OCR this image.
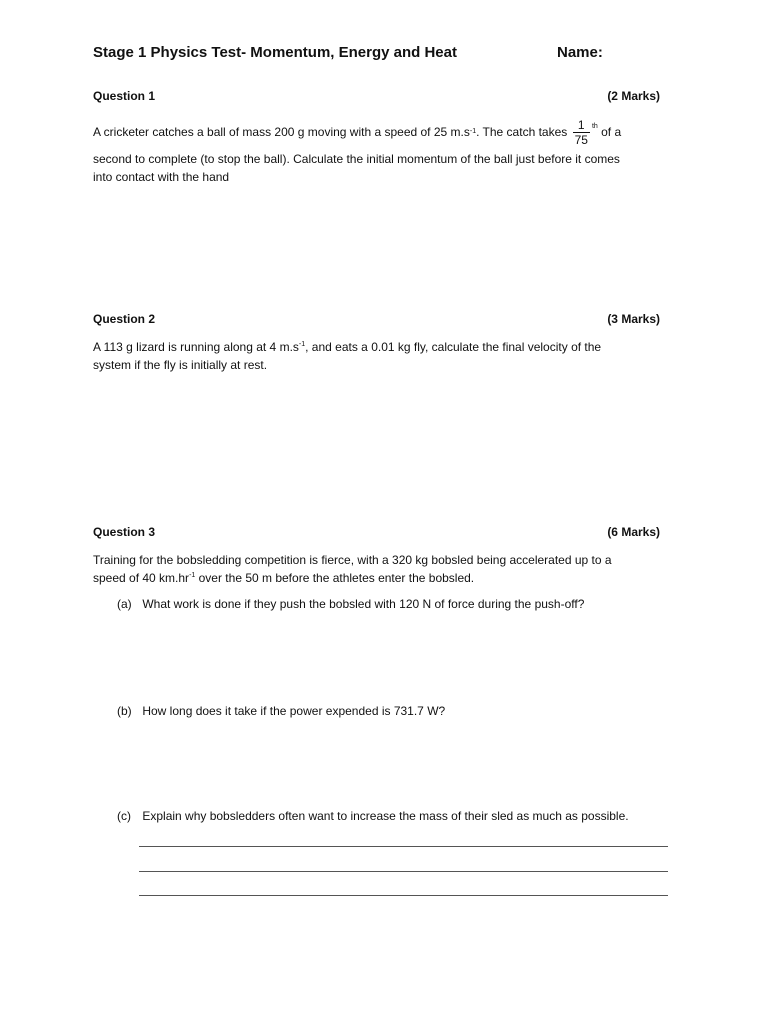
Stage 1 Physics Test- Momentum, Energy and Heat	Name:
Question 1	(2 Marks)
A cricketer catches a ball of mass 200 g moving with a speed of 25 m.s -1 . The catch takes $\frac{1}{75}$ th of a
second to complete (to stop the ball). Calculate the initial momentum of the ball just before it comes
into contact with the hand
Question 2	(3 Marks)
A 113 g lizard is running along at 4 $m.s^{-1}$, and eats a 0.01 kg fly, calculate the final velocity of the
system if the fly is initially at rest.
Question 3	(6 Marks)
Training for the bobsledding competition is fierce, with a 320 kg bobsled being accelerated up to a
speed of 40 $km.hr^{-1}$ over the 50 m before the athletes enter the bobsled.
(a) What work is done if they push the bobsled with 120 N of force during the push-off?
(b) How long does it take if the power expended is 731.7 W?
(c) Explain why bobsledders often want to increase the mass of their sled as much as possible.
